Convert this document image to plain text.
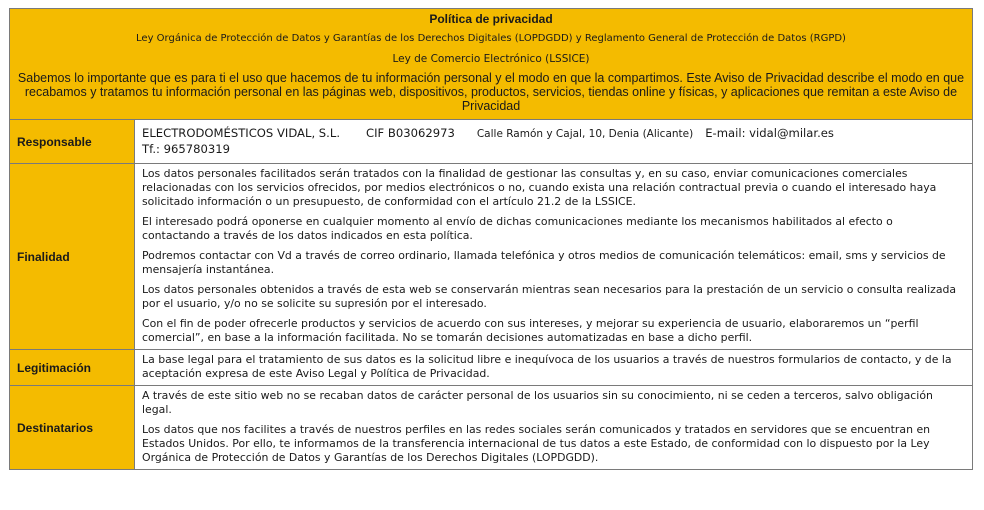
Política de privacidad
Ley Orgánica de Protección de Datos y Garantías de los Derechos Digitales (LOPDGDD) y Reglamento General de Protección de Datos (RGPD)
Ley de Comercio Electrónico (LSSICE)
Sabemos lo importante que es para ti el uso que hacemos de tu información personal y el modo en que la compartimos. Este Aviso de Privacidad describe el modo en que recabamos y tratamos tu información personal en las páginas web, dispositivos, productos, servicios, tiendas online y físicas, y aplicaciones que remitan a este Aviso de Privacidad
Responsable
ELECTRODOMÉSTICOS VIDAL, S.L. CIF B03062973 Calle Ramón y Cajal, 10, Denia (Alicante) E-mail: vidal@milar.es
Tf.: 965780319
Finalidad

Los datos personales facilitados serán tratados con la finalidad de gestionar las consultas y, en su caso, enviar comunicaciones comerciales relacionadas con los servicios ofrecidos, por medios electrónicos o no, cuando exista una relación contractual previa o cuando el interesado haya solicitado información o un presupuesto, de conformidad con el artículo 21.2 de la LSSICE.

El interesado podrá oponerse en cualquier momento al envío de dichas comunicaciones mediante los mecanismos habilitados al efecto o contactando a través de los datos indicados en esta política.

Podremos contactar con Vd a través de correo ordinario, llamada telefónica y otros medios de comunicación telemáticos: email, sms y servicios de mensajería instantánea.

Los datos personales obtenidos a través de esta web se conservarán mientras sean necesarios para la prestación de un servicio o consulta realizada por el usuario, y/o no se solicite su supresión por el interesado.

Con el fin de poder ofrecerle productos y servicios de acuerdo con sus intereses, y mejorar su experiencia de usuario, elaboraremos un “perfil comercial”, en base a la información facilitada. No se tomarán decisiones automatizadas en base a dicho perfil.

Legitimación

La base legal para el tratamiento de sus datos es la solicitud libre e inequívoca de los usuarios a través de nuestros formularios de contacto, y de la aceptación expresa de este Aviso Legal y Política de Privacidad.

Destinatarios

A través de este sitio web no se recaban datos de carácter personal de los usuarios sin su conocimiento, ni se ceden a terceros, salvo obligación legal.

Los datos que nos facilites a través de nuestros perfiles en las redes sociales serán comunicados y tratados en servidores que se encuentran en Estados Unidos. Por ello, te informamos de la transferencia internacional de tus datos a este Estado, de conformidad con lo dispuesto por la Ley Orgánica de Protección de Datos y Garantías de los Derechos Digitales (LOPDGDD).
